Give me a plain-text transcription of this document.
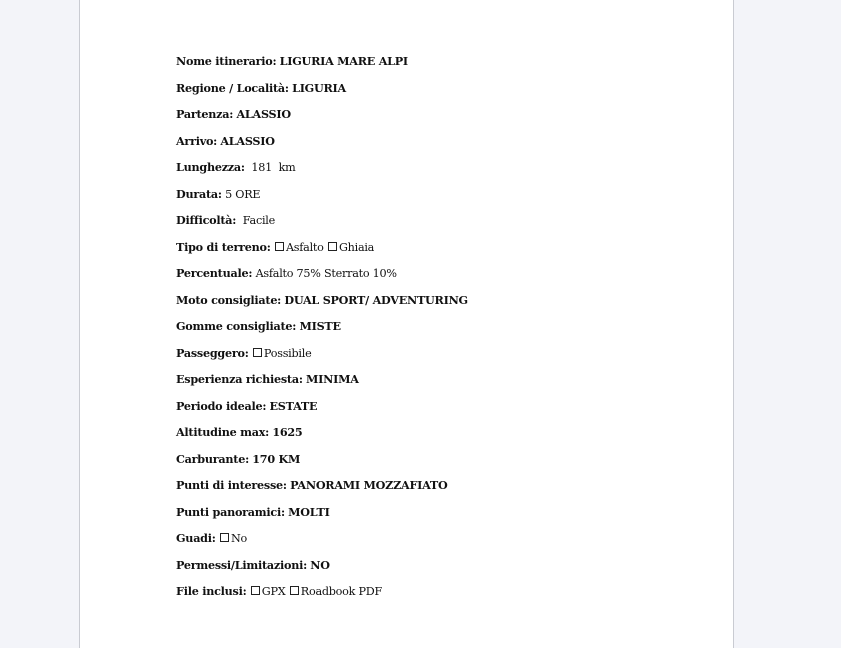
Nome itinerario: LIGURIA MARE ALPI
Regione / Località: LIGURIA
Partenza: ALASSIO
Arrivo: ALASSIO
Lunghezza: 181  km
Durata: 5 ORE
Difficoltà: Facile
Tipo di terreno: Asfalto Ghiaia
Percentuale: Asfalto 75% Sterrato 10%
Moto consigliate: DUAL SPORT/ ADVENTURING
Gomme consigliate: MISTE
Passeggero: Possibile
Esperienza richiesta: MINIMA
Periodo ideale: ESTATE
Altitudine max: 1625
Carburante: 170 KM
Punti di interesse: PANORAMI MOZZAFIATO
Punti panoramici: MOLTI
Guadi: No
Permessi/Limitazioni: NO
File inclusi: GPX Roadbook PDF
